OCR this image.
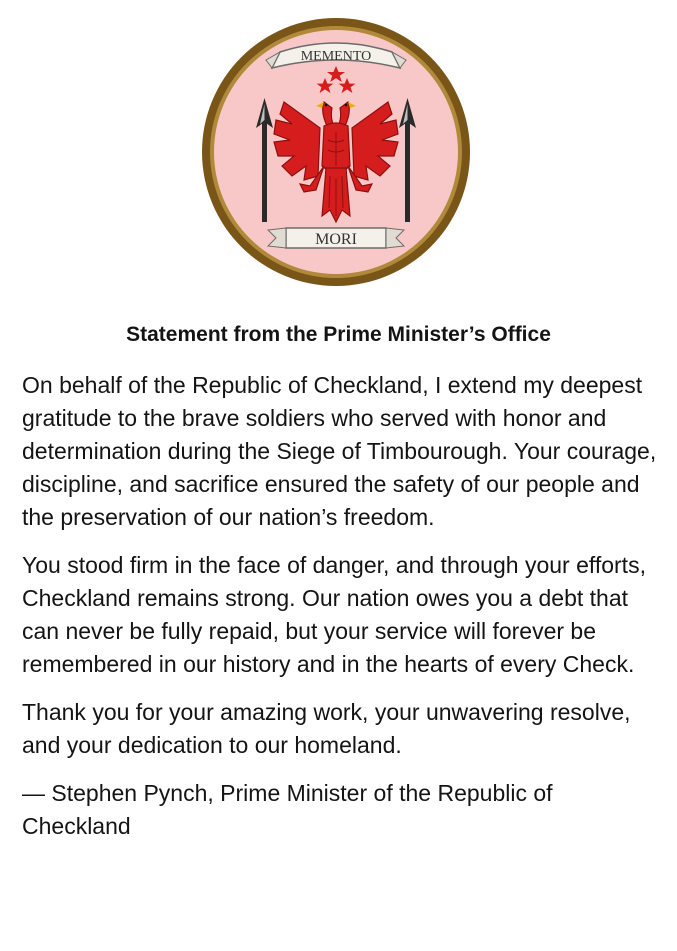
MEMENTO
MORI
Statement from the Prime Minister’s Office

On behalf of the Republic of Checkland, I extend my deepest gratitude to the brave soldiers who served with honor and determination during the Siege of Timbourough. Your courage, discipline, and sacrifice ensured the safety of our people and the preservation of our nation’s freedom.

You stood firm in the face of danger, and through your efforts, Checkland remains strong. Our nation owes you a debt that can never be fully repaid, but your service will forever be remembered in our history and in the hearts of every Check.

Thank you for your amazing work, your unwavering resolve, and your dedication to our homeland.

— Stephen Pynch, Prime Minister of the Republic of Checkland
